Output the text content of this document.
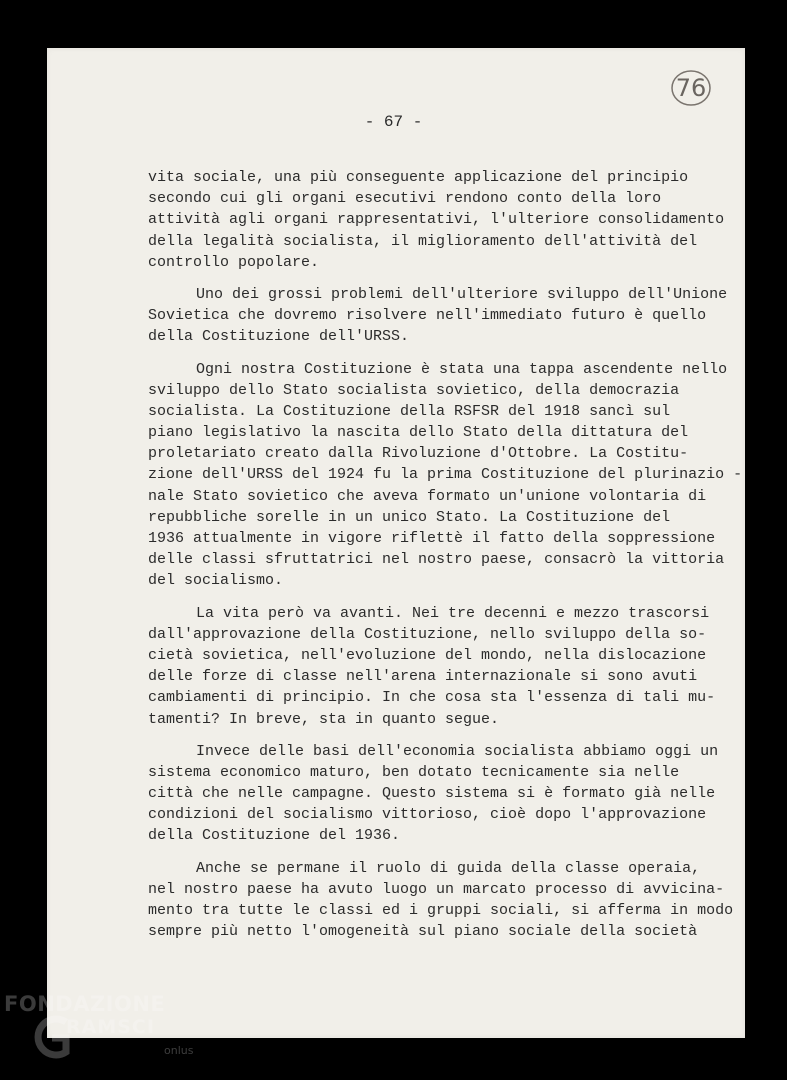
76
- 67 -
vita sociale, una più conseguente applicazione del principio
secondo cui gli organi esecutivi rendono conto della loro
attività agli organi rappresentativi, l'ulteriore consolidamento
della legalità socialista, il miglioramento dell'attività del
controllo popolare.
Uno dei grossi problemi dell'ulteriore sviluppo dell'Unione
Sovietica che dovremo risolvere nell'immediato futuro è quello
della Costituzione dell'URSS.
Ogni nostra Costituzione è stata una tappa ascendente nello
sviluppo dello Stato socialista sovietico, della democrazia
socialista. La Costituzione della RSFSR del 1918 sancì sul
piano legislativo la nascita dello Stato della dittatura del
proletariato creato dalla Rivoluzione d'Ottobre. La Costitu-
zione dell'URSS del 1924 fu la prima Costituzione del plurinazio -
nale Stato sovietico che aveva formato un'unione volontaria di
repubbliche sorelle in un unico Stato. La Costituzione del
1936 attualmente in vigore riflettè il fatto della soppressione
delle classi sfruttatrici nel nostro paese, consacrò la vittoria
del socialismo.
La vita però va avanti. Nei tre decenni e mezzo trascorsi
dall'approvazione della Costituzione, nello sviluppo della so-
cietà sovietica, nell'evoluzione del mondo, nella dislocazione
delle forze di classe nell'arena internazionale si sono avuti
cambiamenti di principio. In che cosa sta l'essenza di tali mu-
tamenti? In breve, sta in quanto segue.
Invece delle basi dell'economia socialista abbiamo oggi un
sistema economico maturo, ben dotato tecnicamente sia nelle
città che nelle campagne. Questo sistema si è formato già nelle
condizioni del socialismo vittorioso, cioè dopo l'approvazione
della Costituzione del 1936.
Anche se permane il ruolo di guida della classe operaia,
nel nostro paese ha avuto luogo un marcato processo di avvicina-
mento tra tutte le classi ed i gruppi sociali, si afferma in modo
sempre più netto l'omogeneità sul piano sociale della società
FONDAZIONE
RAMSCI
onlus
